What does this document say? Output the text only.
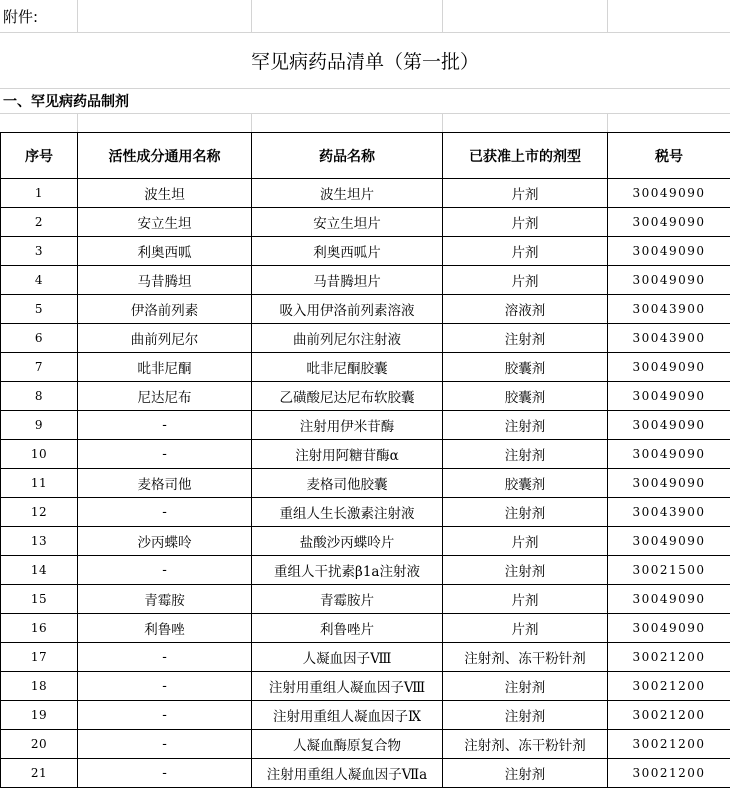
附件:
罕见病药品清单（第一批）
一、罕见病药品制剂
序号	活性成分通用名称	药品名称	已获准上市的剂型	税号
1	波生坦	波生坦片	片剂	30049090
2	安立生坦	安立生坦片	片剂	30049090
3	利奥西呱	利奥西呱片	片剂	30049090
4	马昔腾坦	马昔腾坦片	片剂	30049090
5	伊洛前列素	吸入用伊洛前列素溶液	溶液剂	30043900
6	曲前列尼尔	曲前列尼尔注射液	注射剂	30043900
7	吡非尼酮	吡非尼酮胶囊	胶囊剂	30049090
8	尼达尼布	乙磺酸尼达尼布软胶囊	胶囊剂	30049090
9	-	注射用伊米苷酶	注射剂	30049090
10	-	注射用阿糖苷酶α	注射剂	30049090
11	麦格司他	麦格司他胶囊	胶囊剂	30049090
12	-	重组人生长激素注射液	注射剂	30043900
13	沙丙蝶呤	盐酸沙丙蝶呤片	片剂	30049090
14	-	重组人干扰素β1a注射液	注射剂	30021500
15	青霉胺	青霉胺片	片剂	30049090
16	利鲁唑	利鲁唑片	片剂	30049090
17	-	人凝血因子Ⅷ	注射剂、冻干粉针剂	30021200
18	-	注射用重组人凝血因子Ⅷ	注射剂	30021200
19	-	注射用重组人凝血因子Ⅸ	注射剂	30021200
20	-	人凝血酶原复合物	注射剂、冻干粉针剂	30021200
21	-	注射用重组人凝血因子Ⅶa	注射剂	30021200
